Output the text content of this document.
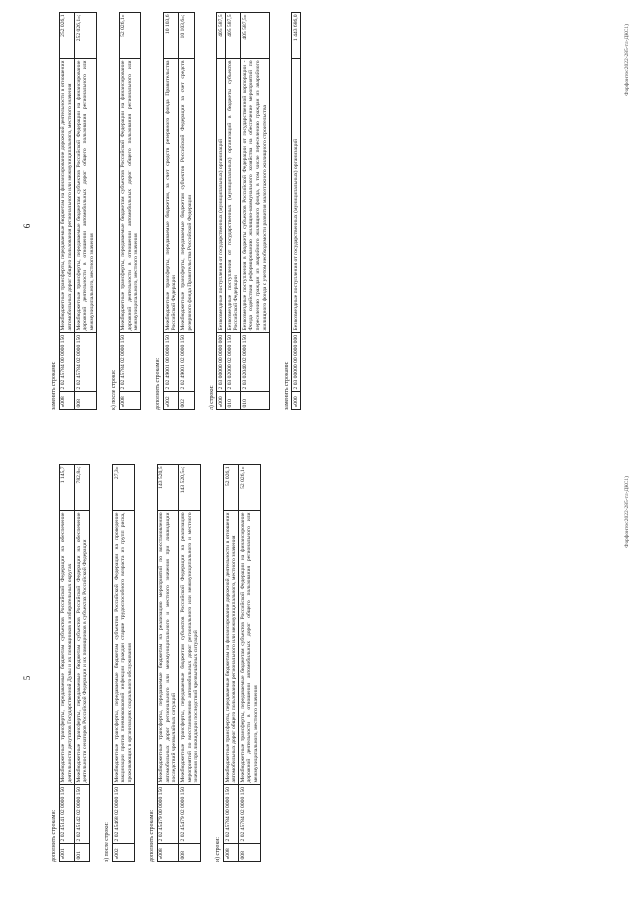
5
дополнить строками: «001	2 02 45141 02 0000 150	Межбюджетные трансферты, передаваемые бюджетам субъектов Российской Федерации на обеспечение деятельности депутатов Государственной Думы и их помощников в избирательных округах	1 145,7
001	2 02 45142 02 0000 150	Межбюджетные трансферты, передаваемые бюджетам субъектов Российской Федерации на обеспечение деятельности сенаторов Российской Федерации и их помощников в субъектах Российской Федерации	782,8»;
з) после строки: «002	2 02 45468 02 0000 150	Межбюджетные трансферты, передаваемые бюджетам субъектов Российской Федерации на проведение вакцинации против пневмококковой инфекции граждан старше трудоспособного возраста из групп риска, проживающих в организациях социального обслуживания	27,3»
дополнить строками: «008	2 02 45479 00 0000 150	Межбюджетные трансферты, передаваемые бюджетам на реализацию мероприятий по восстановлению автомобильных дорог регионального или межмуниципального и местного значения при ликвидации последствий чрезвычайных ситуаций	143 520,5
008	2 02 45479 02 0000 150	Межбюджетные трансферты, передаваемые бюджетам субъектов Российской Федерации на реализацию мероприятий по восстановлению автомобильных дорог регионального или межмуниципального и местного значения при ликвидации последствий чрезвычайных ситуаций	143 520,5»;
и) строки: «008	2 02 45784 00 0000 150	Межбюджетные трансферты, передаваемые бюджетам на финансирование дорожной деятельности в отношении автомобильных дорог общего пользования регионального или межмуниципального, местного значения	52 026,1
008	2 02 45784 02 0000 150	Межбюджетные трансферты, передаваемые бюджетам субъектов Российской Федерации на финансирование дорожной деятельности в отношении автомобильных дорог общего пользования регионального или межмуниципального, местного значения	52 026,1»	Фарфонтос2022-285-тл-ДКС1)
6
заменить строками: «008	2 02 45784 00 0000 150	Межбюджетные трансферты, передаваемые бюджетам на финансирование дорожной деятельности в отношении автомобильных дорог общего пользования регионального или межмуниципального, местного значения	252 026,1
008	2 02 45784 02 0000 150	Межбюджетные трансферты, передаваемые бюджетам субъектов Российской Федерации на финансирование дорожной деятельности в отношении автомобильных дорог общего пользования регионального или межмуниципального, местного значения	252 026,1»;
к) после строки: «008	2 02 45784 02 0000 150	Межбюджетные трансферты, передаваемые бюджетам субъектов Российской Федерации на финансирование дорожной деятельности в отношении автомобильных дорог общего пользования регионального или межмуниципального, местного значения	52 026,1»
дополнить строками: «002	2 02 49001 00 0000 150	Межбюджетные трансферты, передаваемые бюджетам, за счет средств резервного фонда Правительства Российской Федерации	10 103,6
002	2 02 49001 02 0000 150	Межбюджетные трансферты, передаваемые бюджетам субъектов Российской Федерации за счет средств резервного фонда Правительства Российской Федерации	10 103,6»;
л) строки: «000	2 03 00000 00 0000 000	Безвозмездные поступления от государственных (муниципальных) организаций	405 587,5
010	2 03 02000 02 0000 150	Безвозмездные поступления от государственных (муниципальных) организаций в бюджеты субъектов Российской Федерации	405 587,5
010	2 03 02040 02 0000 150	Безвозмездные поступления в бюджеты субъектов Российской Федерации от государственной корпорации - Фонда содействия реформированию жилищно-коммунального хозяйства на обеспечение мероприятий по переселению граждан из аварийного жилищного фонда, в том числе переселению граждан из аварийного жилищного фонда с учетом необходимости развития малоэтажного жилищного строительства	405 587,5»
заменить строками: «000	2 03 00000 00 0000 000	Безвозмездные поступления от государственных (муниципальных) организаций	1 443 686,0	Фарфонтос2022-285-тл-ДКС1)
